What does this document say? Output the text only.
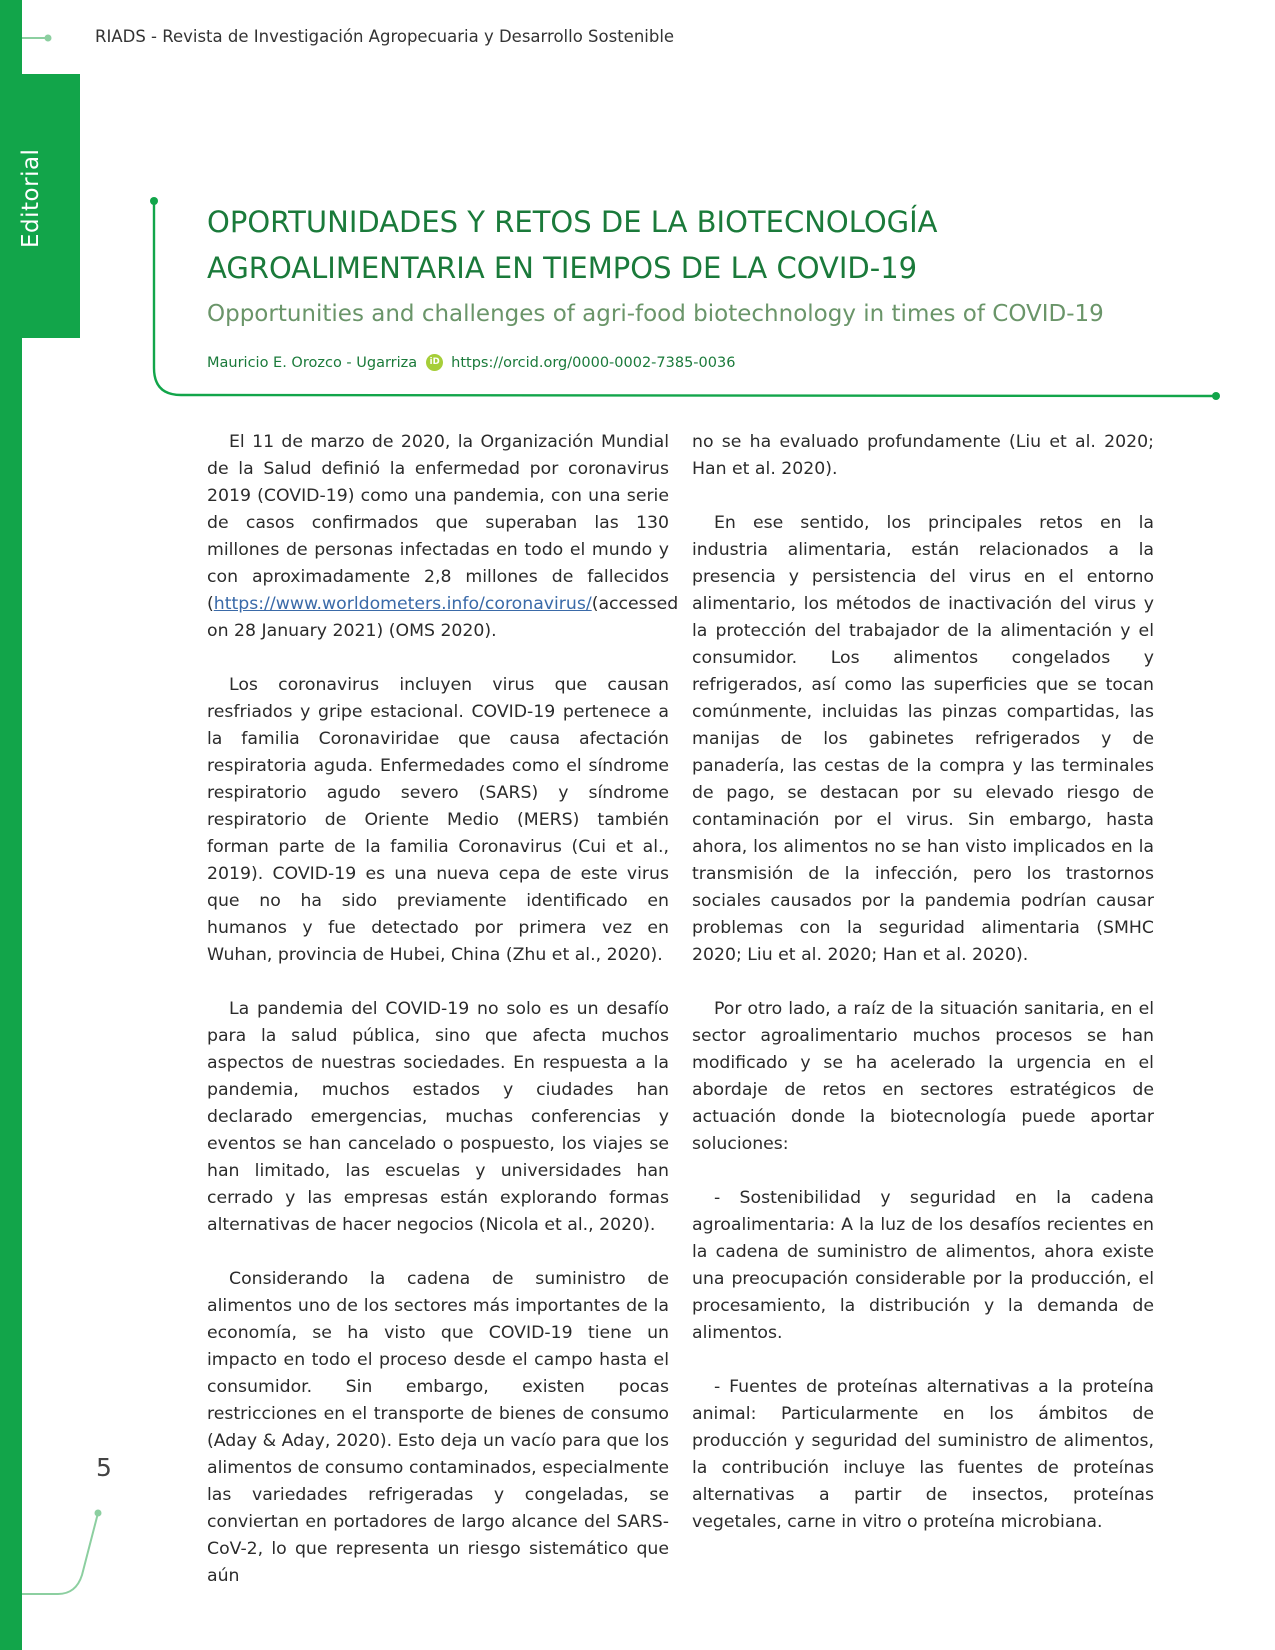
Editorial
RIADS - Revista de Investigación Agropecuaria y Desarrollo Sostenible
OPORTUNIDADES Y RETOS DE LA BIOTECNOLOGÍA
AGROALIMENTARIA EN TIEMPOS DE LA COVID-19
Opportunities and challenges of agri-food biotechnology in times of COVID-19
Mauricio E. Orozco - Ugarriza	iD https://orcid.org/0000-0002-7385-0036

El 11 de marzo de 2020, la Organización Mundial de la Salud definió la enfermedad por coronavirus 2019 (COVID-19) como una pandemia, con una serie de casos confirmados que superaban las 130 millones de personas infectadas en todo el mundo y con aproximadamente 2,8 millones de fallecidos (https://www.worldometers.info/coronavirus/(accessed on 28 January 2021) (OMS 2020).

Los coronavirus incluyen virus que causan resfriados y gripe estacional. COVID-19 pertenece a la familia Coronaviridae que causa afectación respiratoria aguda. Enfermedades como el síndrome respiratorio agudo severo (SARS) y síndrome respiratorio de Oriente Medio (MERS) también forman parte de la familia Coronavirus (Cui et al., 2019). COVID-19 es una nueva cepa de este virus que no ha sido previamente identificado en humanos y fue detectado por primera vez en Wuhan, provincia de Hubei, China (Zhu et al., 2020).

La pandemia del COVID-19 no solo es un desafío para la salud pública, sino que afecta muchos aspectos de nuestras sociedades. En respuesta a la pandemia, muchos estados y ciudades han declarado emergencias, muchas conferencias y eventos se han cancelado o pospuesto, los viajes se han limitado, las escuelas y universidades han cerrado y las empresas están explorando formas alternativas de hacer negocios (Nicola et al., 2020).

Considerando la cadena de suministro de alimentos uno de los sectores más importantes de la economía, se ha visto que COVID-19 tiene un impacto en todo el proceso desde el campo hasta el consumidor. Sin embargo, existen pocas restricciones en el transporte de bienes de consumo (Aday & Aday, 2020). Esto deja un vacío para que los alimentos de consumo contaminados, especialmente las variedades refrigeradas y congeladas, se conviertan en portadores de largo alcance del SARS-CoV-2, lo que representa un riesgo sistemático que aún

no se ha evaluado profundamente (Liu et al. 2020; Han et al. 2020).

En ese sentido, los principales retos en la industria alimentaria, están relacionados a la presencia y persistencia del virus en el entorno alimentario, los métodos de inactivación del virus y la protección del trabajador de la alimentación y el consumidor. Los alimentos congelados y refrigerados, así como las superficies que se tocan comúnmente, incluidas las pinzas compartidas, las manijas de los gabinetes refrigerados y de panadería, las cestas de la compra y las terminales de pago, se destacan por su elevado riesgo de contaminación por el virus. Sin embargo, hasta ahora, los alimentos no se han visto implicados en la transmisión de la infección, pero los trastornos sociales causados por la pandemia podrían causar problemas con la seguridad alimentaria (SMHC 2020; Liu et al. 2020; Han et al. 2020).

Por otro lado, a raíz de la situación sanitaria, en el sector agroalimentario muchos procesos se han modificado y se ha acelerado la urgencia en el abordaje de retos en sectores estratégicos de actuación donde la biotecnología puede aportar soluciones:

- Sostenibilidad y seguridad en la cadena agroalimentaria: A la luz de los desafíos recientes en la cadena de suministro de alimentos, ahora existe una preocupación considerable por la producción, el procesamiento, la distribución y la demanda de alimentos.

- Fuentes de proteínas alternativas a la proteína animal: Particularmente en los ámbitos de producción y seguridad del suministro de alimentos, la contribución incluye las fuentes de proteínas alternativas a partir de insectos, proteínas vegetales, carne in vitro o proteína microbiana.

5
